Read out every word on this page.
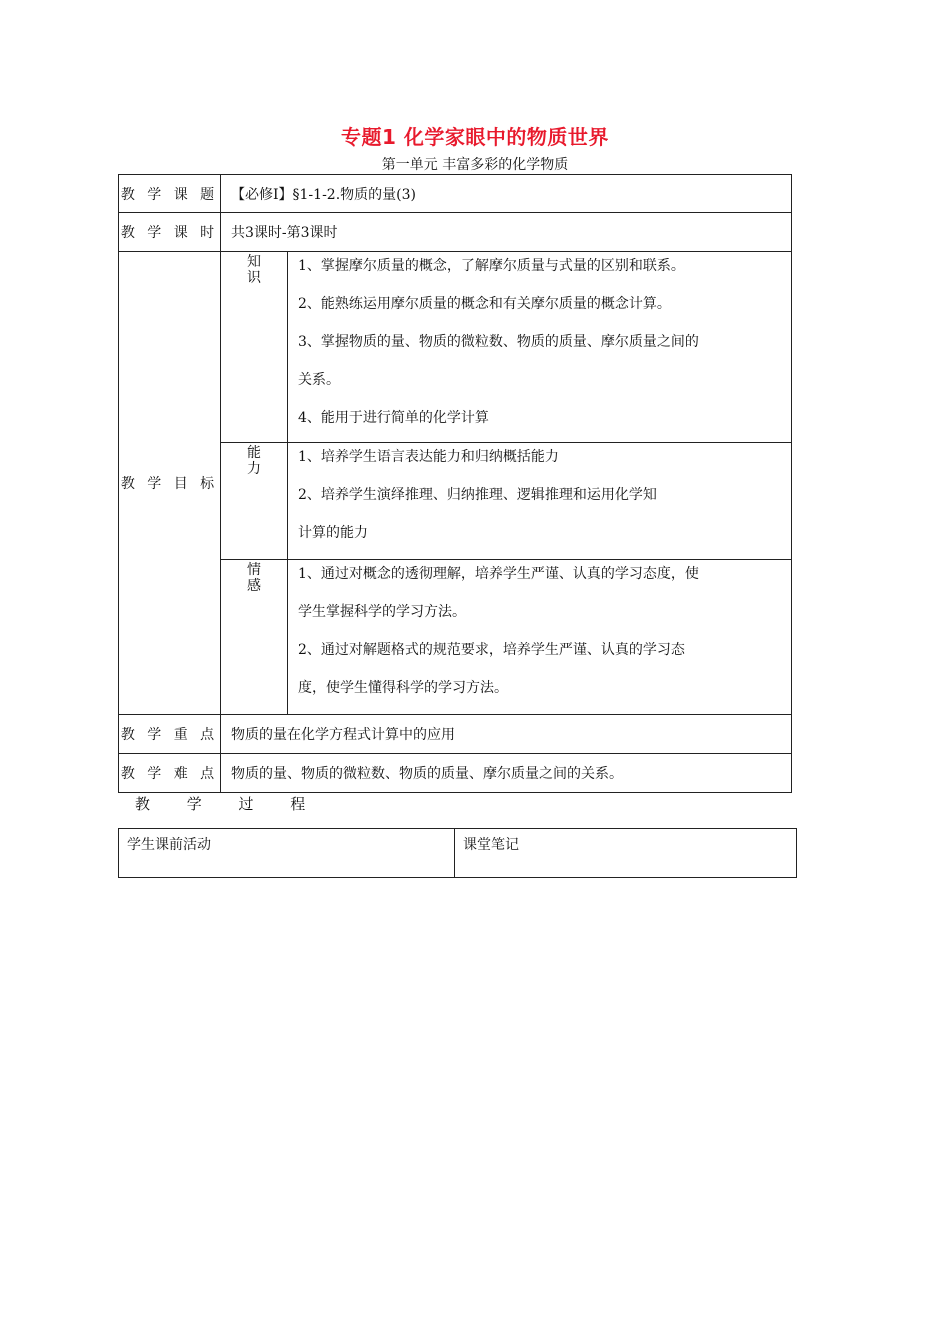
专题1 化学家眼中的物质世界
第一单元 丰富多彩的化学物质
教 学 课 题	【必修Ⅰ】§1-1-2.物质的量(3)	
教 学 课 时	共3课时-第3课时	
教 学 目 标	知识	1、掌握摩尔质量的概念，了解摩尔质量与式量的区别和联系。
2、能熟练运用摩尔质量的概念和有关摩尔质量的概念计算。
3、掌握物质的量、物质的微粒数、物质的质量、摩尔质量之间的
关系。
4、能用于进行简单的化学计算

	能力	1、培养学生语言表达能力和归纳概括能力
2、培养学生演绎推理、归纳推理、逻辑推理和运用化学知
计算的能力

	情感	1、通过对概念的透彻理解，培养学生严谨、认真的学习态度，使
学生掌握科学的学习方法。
2、通过对解题格式的规范要求，培养学生严谨、认真的学习态
度，使学生懂得科学的学习方法。

教 学 重 点	物质的量在化学方程式计算中的应用	
教 学 难 点	物质的量、物质的微粒数、物质的质量、摩尔质量之间的关系。	
教 学 过 程
学生课前活动	课堂笔记
